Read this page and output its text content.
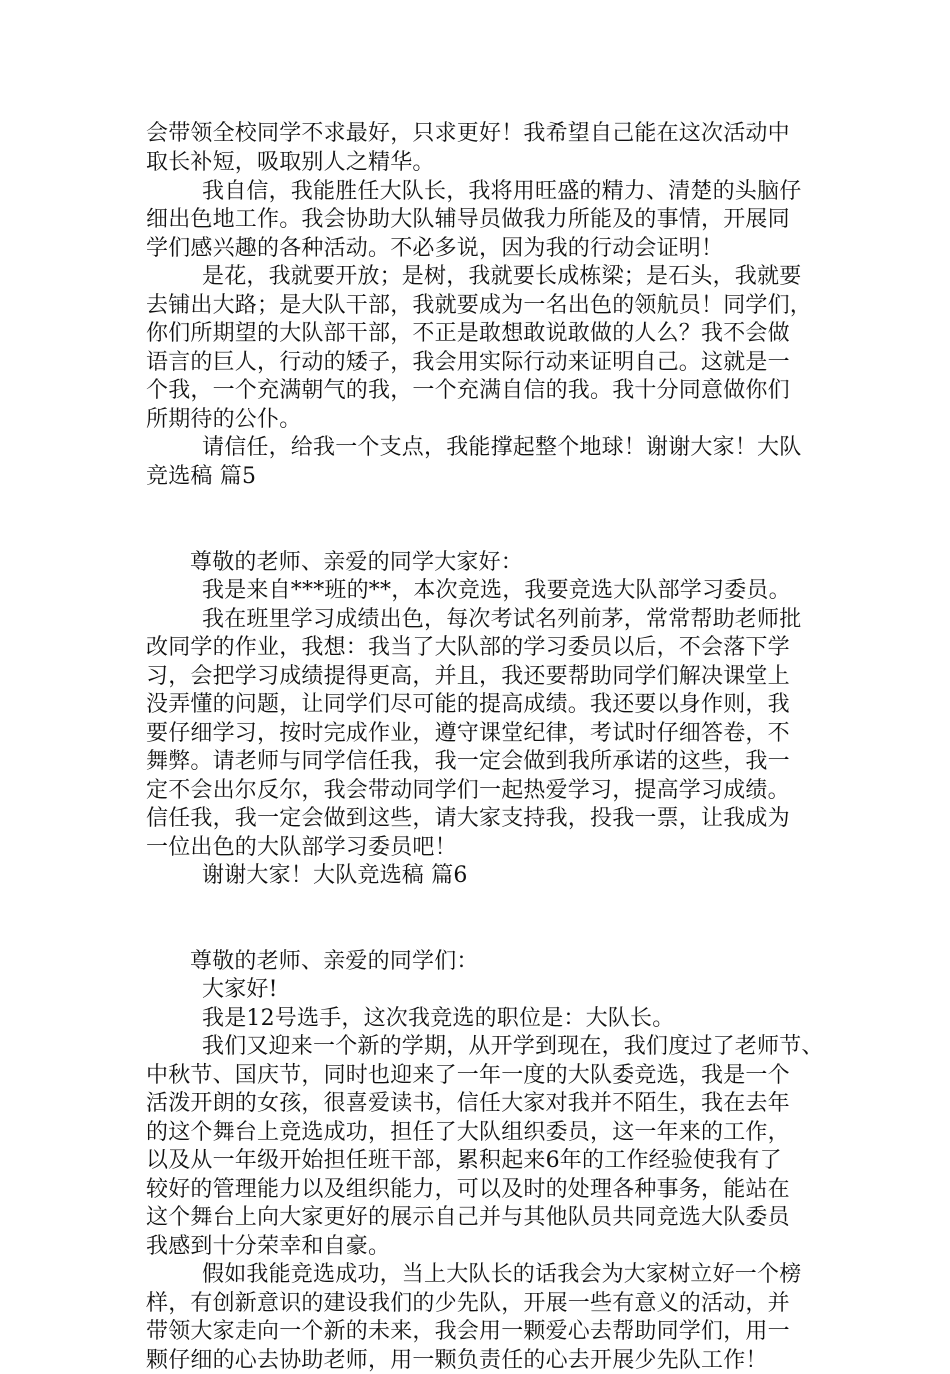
会带领全校同学不求最好，只求更好！我希望自己能在这次活动中
取长补短，吸取别人之精华。
我自信，我能胜任大队长，我将用旺盛的精力、清楚的头脑仔
细出色地工作。我会协助大队辅导员做我力所能及的事情，开展同
学们感兴趣的各种活动。不必多说，因为我的行动会证明！
是花，我就要开放；是树，我就要长成栋梁；是石头，我就要
去铺出大路；是大队干部，我就要成为一名出色的领航员！同学们，
你们所期望的大队部干部，不正是敢想敢说敢做的人么？我不会做
语言的巨人，行动的矮子，我会用实际行动来证明自己。这就是一
个我，一个充满朝气的我，一个充满自信的我。我十分同意做你们
所期待的公仆。
请信任，给我一个支点，我能撑起整个地球！谢谢大家！大队
竞选稿 篇5
尊敬的老师、亲爱的同学大家好：
我是来自***班的**，本次竞选，我要竞选大队部学习委员。
我在班里学习成绩出色，每次考试名列前茅，常常帮助老师批
改同学的作业，我想：我当了大队部的学习委员以后，不会落下学
习，会把学习成绩提得更高，并且，我还要帮助同学们解决课堂上
没弄懂的问题，让同学们尽可能的提高成绩。我还要以身作则，我
要仔细学习，按时完成作业，遵守课堂纪律，考试时仔细答卷，不
舞弊。请老师与同学信任我，我一定会做到我所承诺的这些，我一
定不会出尔反尔，我会带动同学们一起热爱学习，提高学习成绩。
信任我，我一定会做到这些，请大家支持我，投我一票，让我成为
一位出色的大队部学习委员吧！
谢谢大家！大队竞选稿 篇6
尊敬的老师、亲爱的同学们：
大家好!
我是12号选手，这次我竞选的职位是：大队长。
我们又迎来一个新的学期，从开学到现在，我们度过了老师节、
中秋节、国庆节，同时也迎来了一年一度的大队委竞选，我是一个
活泼开朗的女孩，很喜爱读书，信任大家对我并不陌生，我在去年
的这个舞台上竞选成功，担任了大队组织委员，这一年来的工作，
以及从一年级开始担任班干部，累积起来6年的工作经验使我有了
较好的管理能力以及组织能力，可以及时的处理各种事务，能站在
这个舞台上向大家更好的展示自己并与其他队员共同竞选大队委员
我感到十分荣幸和自豪。
假如我能竞选成功，当上大队长的话我会为大家树立好一个榜
样，有创新意识的建设我们的少先队，开展一些有意义的活动，并
带领大家走向一个新的未来，我会用一颗爱心去帮助同学们，用一
颗仔细的心去协助老师，用一颗负责任的心去开展少先队工作！
